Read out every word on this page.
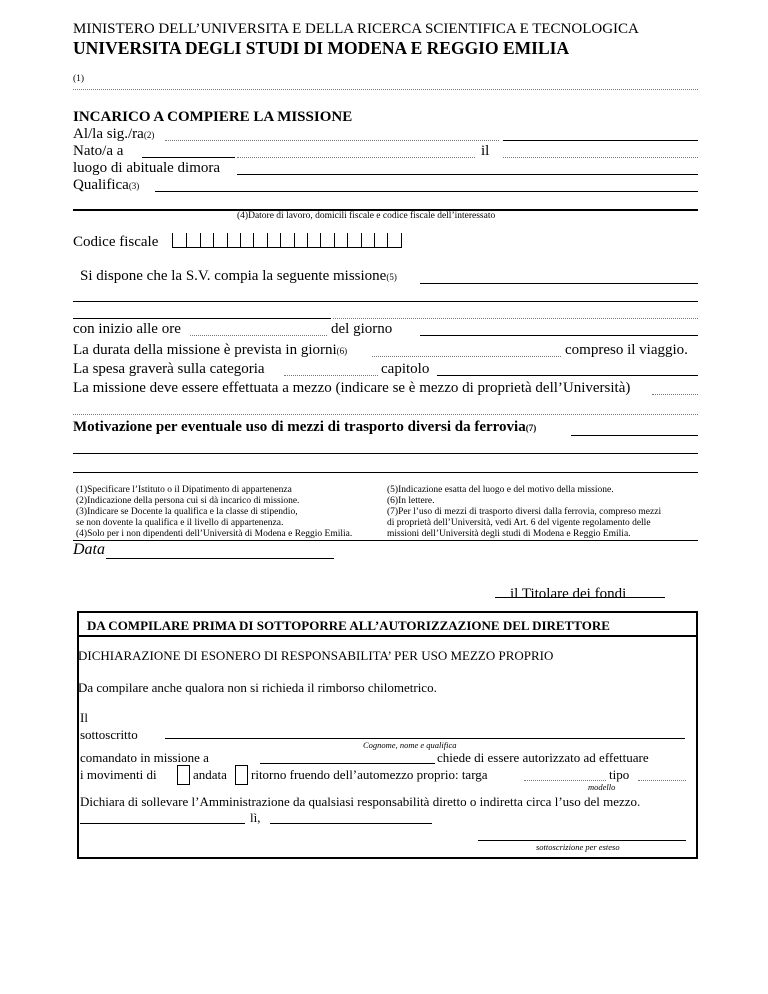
MINISTERO DELL’UNIVERSITA E DELLA RICERCA SCIENTIFICA E TECNOLOGICA
UNIVERSITA DEGLI STUDI DI MODENA E REGGIO EMILIA
(1)
INCARICO A COMPIERE LA MISSIONE
Al/la sig./ra(2)
Nato/a a	il
luogo di abituale dimora
Qualifica(3)
(4)Datore di lavoro, domicili fiscale e codice fiscale dell’interessato
Codice fiscale
Si dispone che la S.V. compia la seguente missione(5)
con inizio alle ore	del giorno
La durata della missione è prevista in giorni(6)	compreso il viaggio.
La spesa graverà sulla categoria	capitolo
La missione deve essere effettuata a mezzo (indicare se è mezzo di proprietà dell’Università)
Motivazione per eventuale uso di mezzi di trasporto diversi da ferrovia(7)
(1)Specificare l’Istituto o il Dipatimento di appartenenza
(2)Indicazione della persona cui si dà incarico di missione.
(3)Indicare se Docente la qualifica e la classe di stipendio,
se non dovente la qualifica e il livello di appartenenza.
(4)Solo per i non dipendenti dell’Università di Modena e Reggio Emilia.
(5)Indicazione esatta del luogo e del motivo della missione.
(6)In lettere.
(7)Per l’uso di mezzi di trasporto diversi dalla ferrovia, compreso mezzi
di proprietà dell’Università, vedi Art. 6 del vigente regolamento delle
missioni dell’Università degli studi di Modena e Reggio Emilia.
Data
il Titolare dei fondi
DA COMPILARE PRIMA DI SOTTOPORRE ALL’AUTORIZZAZIONE DEL DIRETTORE
DICHIARAZIONE DI ESONERO DI RESPONSABILITA’ PER USO MEZZO PROPRIO
Da compilare anche qualora non si richieda il rimborso chilometrico.
Il
sottoscritto
Cognome, nome e qualifica
comandato in missione a	chiede di essere autorizzato ad effettuare
i movimenti di	andata ritorno fruendo dell’automezzo proprio: targa	tipo
modello
Dichiara di sollevare l’Amministrazione da qualsiasi responsabilità diretto o indiretta circa l’uso del mezzo.
lì,
sottoscrizione per esteso
